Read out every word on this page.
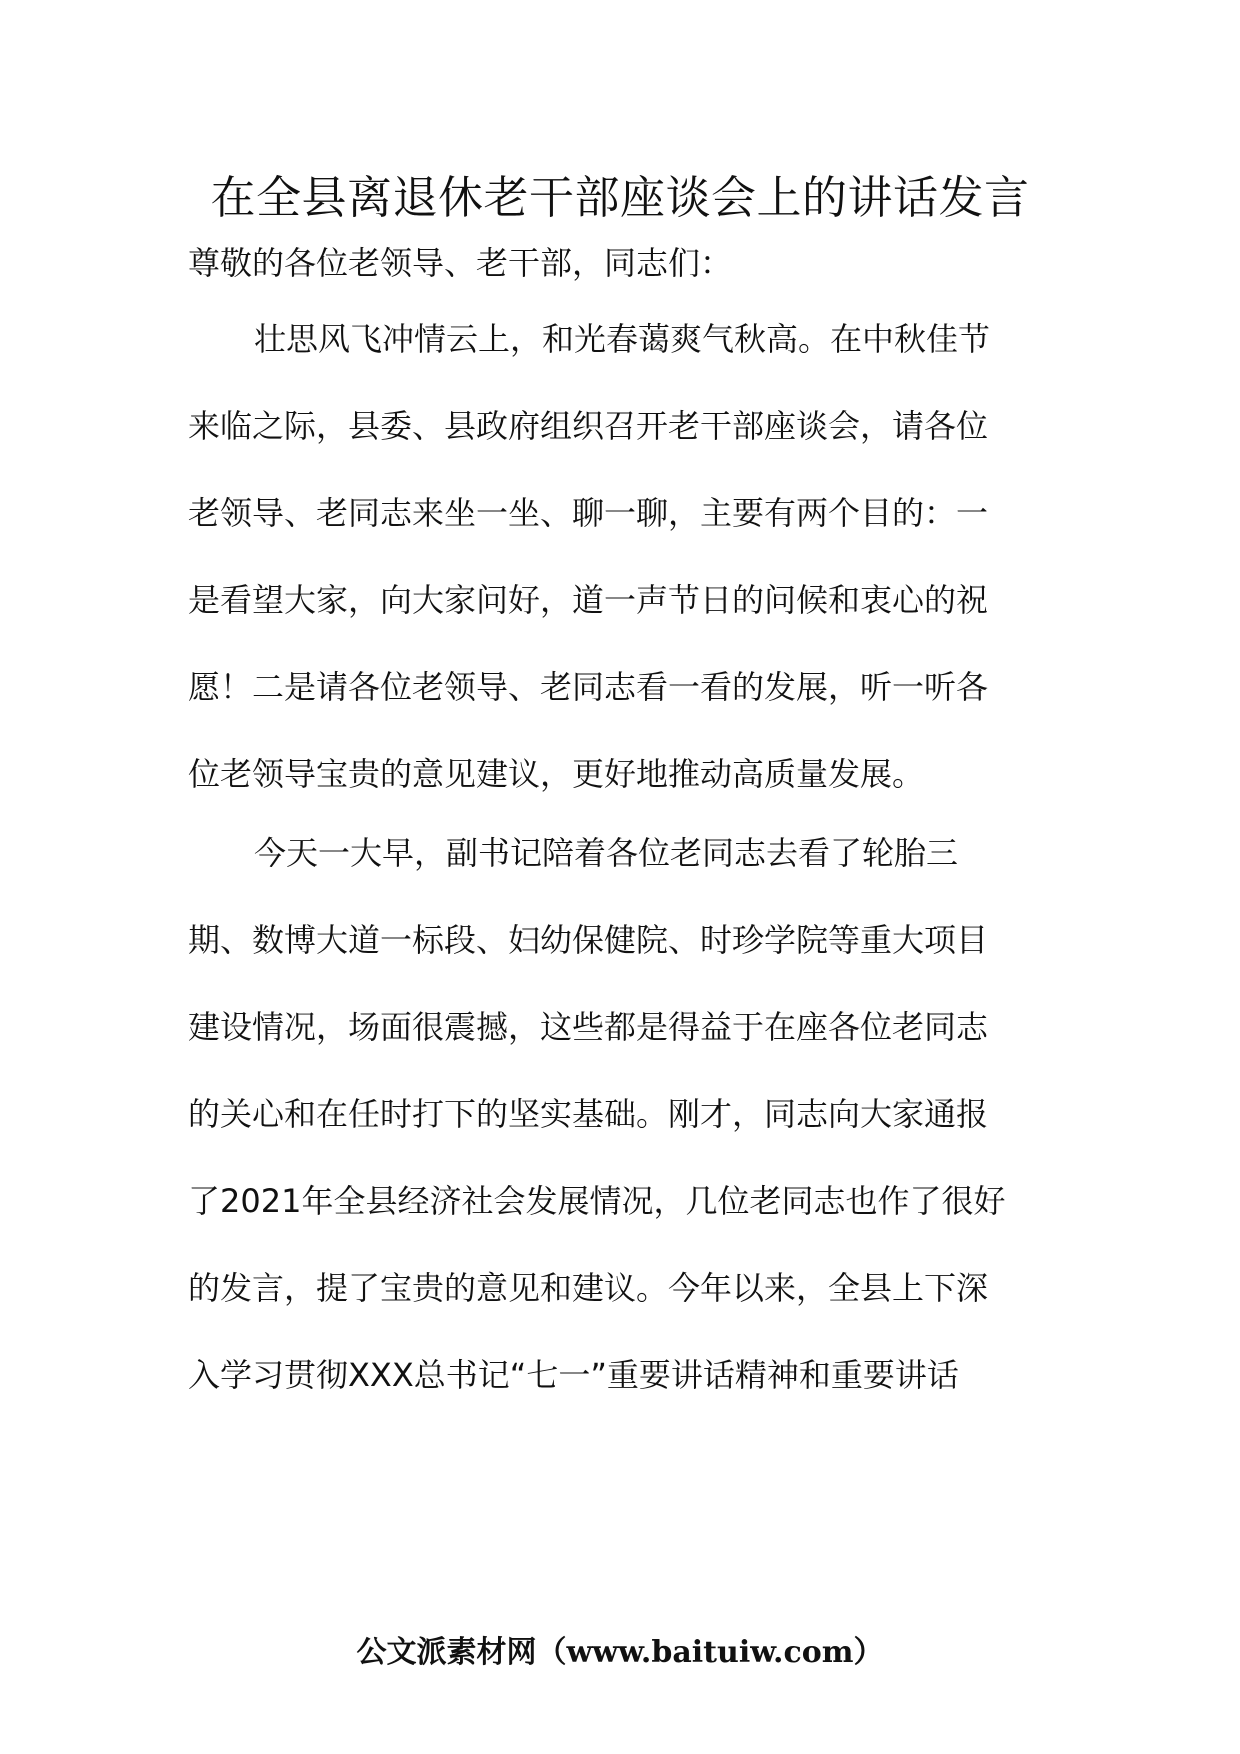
在全县离退休老干部座谈会上的讲话发言
尊敬的各位老领导、老干部，同志们：
壮思风飞冲情云上，和光春蔼爽气秋高。在中秋佳节
来临之际，县委、县政府组织召开老干部座谈会，请各位
老领导、老同志来坐一坐、聊一聊，主要有两个目的：一
是看望大家，向大家问好，道一声节日的问候和衷心的祝
愿！二是请各位老领导、老同志看一看的发展，听一听各
位老领导宝贵的意见建议，更好地推动高质量发展。
今天一大早，副书记陪着各位老同志去看了轮胎三
期、数博大道一标段、妇幼保健院、时珍学院等重大项目
建设情况，场面很震撼，这些都是得益于在座各位老同志
的关心和在任时打下的坚实基础。刚才，同志向大家通报
了2021年全县经济社会发展情况，几位老同志也作了很好
的发言，提了宝贵的意见和建议。今年以来，全县上下深
入学习贯彻XXX总书记“七一”重要讲话精神和重要讲话
公文派素材网（www.baituiw.com）
